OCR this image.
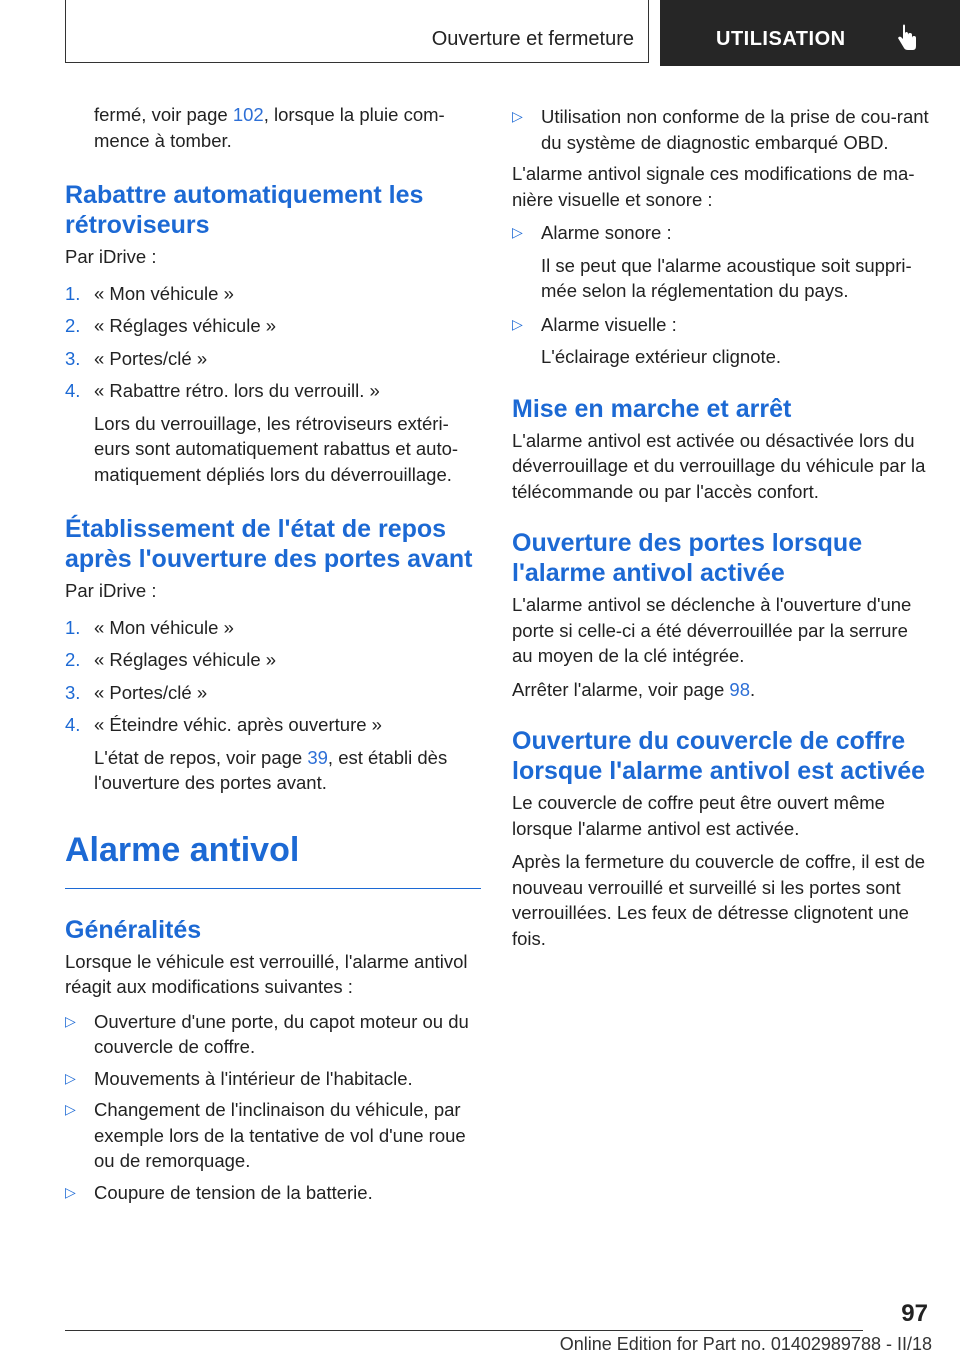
Ouverture et fermeture	UTILISATION

fermé, voir page 102, lorsque la pluie com-mence à tomber.

Rabattre automatiquement les rétroviseurs

Par iDrive :

1. « Mon véhicule »
2. « Réglages véhicule »
3. « Portes/clé »
4. « Rabattre rétro. lors du verrouill. »

Lors du verrouillage, les rétroviseurs extéri-eurs sont automatiquement rabattus et auto-matiquement dépliés lors du déverrouillage.

Établissement de l'état de repos après l'ouverture des portes avant

Par iDrive :

1. « Mon véhicule »
2. « Réglages véhicule »
3. « Portes/clé »
4. « Éteindre véhic. après ouverture »

L'état de repos, voir page 39, est établi dès l'ouverture des portes avant.

Alarme antivol
Généralités

Lorsque le véhicule est verrouillé, l'alarme antivol réagit aux modifications suivantes :

▷ Ouverture d'une porte, du capot moteur ou du couvercle de coffre.
▷ Mouvements à l'intérieur de l'habitacle.
▷ Changement de l'inclinaison du véhicule, par exemple lors de la tentative de vol d'une roue ou de remorquage.
▷ Coupure de tension de la batterie.
▷ Utilisation non conforme de la prise de cou-rant du système de diagnostic embarqué OBD.

L'alarme antivol signale ces modifications de ma-nière visuelle et sonore :

▷ Alarme sonore :

Il se peut que l'alarme acoustique soit suppri-mée selon la réglementation du pays.

▷ Alarme visuelle :

L'éclairage extérieur clignote.

Mise en marche et arrêt

L'alarme antivol est activée ou désactivée lors du déverrouillage et du verrouillage du véhicule par la télécommande ou par l'accès confort.

Ouverture des portes lorsque l'alarme antivol activée

L'alarme antivol se déclenche à l'ouverture d'une porte si celle-ci a été déverrouillée par la serrure au moyen de la clé intégrée.

Arrêter l'alarme, voir page 98.

Ouverture du couvercle de coffre lorsque l'alarme antivol est activée

Le couvercle de coffre peut être ouvert même lorsque l'alarme antivol est activée.

Après la fermeture du couvercle de coffre, il est de nouveau verrouillé et surveillé si les portes sont verrouillées. Les feux de détresse clignotent une fois.

97
Online Edition for Part no. 01402989788 - II/18
